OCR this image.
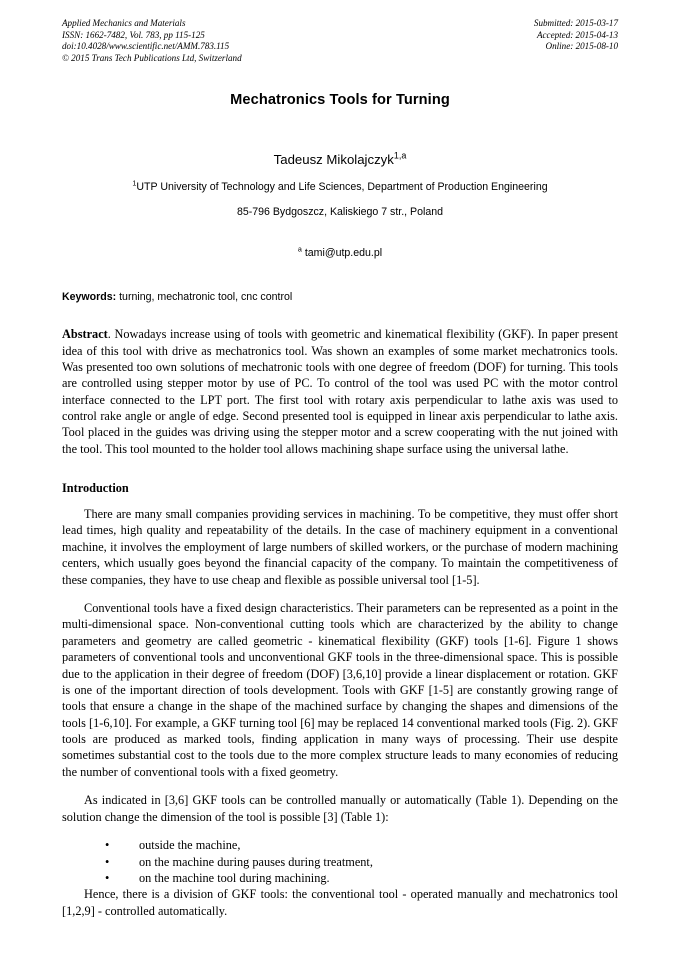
Applied Mechanics and Materials
ISSN: 1662-7482, Vol. 783, pp 115-125
doi:10.4028/www.scientific.net/AMM.783.115
© 2015 Trans Tech Publications Ltd, Switzerland
Submitted: 2015-03-17
Accepted: 2015-04-13
Online: 2015-08-10
Mechatronics Tools for Turning
Tadeusz Mikolajczyk$^{1,a}$
$^1$UTP University of Technology and Life Sciences, Department of Production Engineering
85-796 Bydgoszcz, Kaliskiego 7 str., Poland
$^a$ tami@utp.edu.pl
Keywords: turning, mechatronic tool, cnc control
Abstract. Nowadays increase using of tools with geometric and kinematical flexibility (GKF). In paper present idea of this tool with drive as mechatronics tool. Was shown an examples of some market mechatronics tools. Was presented too own solutions of mechatronic tools with one degree of freedom (DOF) for turning. This tools are controlled using stepper motor by use of PC. To control of the tool was used PC with the motor control interface connected to the LPT port. The first tool with rotary axis perpendicular to lathe axis was used to control rake angle or angle of edge. Second presented tool is equipped in linear axis perpendicular to lathe axis. Tool placed in the guides was driving using the stepper motor and a screw cooperating with the nut joined with the tool. This tool mounted to the holder tool allows machining shape surface using the universal lathe.
Introduction

There are many small companies providing services in machining. To be competitive, they must offer short lead times, high quality and repeatability of the details. In the case of machinery equipment in a conventional machine, it involves the employment of large numbers of skilled workers, or the purchase of modern machining centers, which usually goes beyond the financial capacity of the company. To maintain the competitiveness of these companies, they have to use cheap and flexible as possible universal tool [1-5].

Conventional tools have a fixed design characteristics. Their parameters can be represented as a point in the multi-dimensional space. Non-conventional cutting tools which are characterized by the ability to change parameters and geometry are called geometric - kinematical flexibility (GKF) tools [1-6]. Figure 1 shows parameters of conventional tools and unconventional GKF tools in the three-dimensional space. This is possible due to the application in their degree of freedom (DOF) [3,6,10] provide a linear displacement or rotation. GKF is one of the important direction of tools development. Tools with GKF [1-5] are constantly growing range of tools that ensure a change in the shape of the machined surface by changing the shapes and dimensions of the tools [1-6,10]. For example, a GKF turning tool [6] may be replaced 14 conventional marked tools (Fig. 2). GKF tools are produced as marked tools, finding application in many ways of processing. Their use despite sometimes substantial cost to the tools due to the more complex structure leads to many economies of reducing the number of conventional tools with a fixed geometry.

As indicated in [3,6] GKF tools can be controlled manually or automatically (Table 1). Depending on the solution change the dimension of the tool is possible [3] (Table 1):

• outside the machine,
• on the machine during pauses during treatment,
• on the machine tool during machining.

Hence, there is a division of GKF tools: the conventional tool - operated manually and mechatronics tool [1,2,9] - controlled automatically.
